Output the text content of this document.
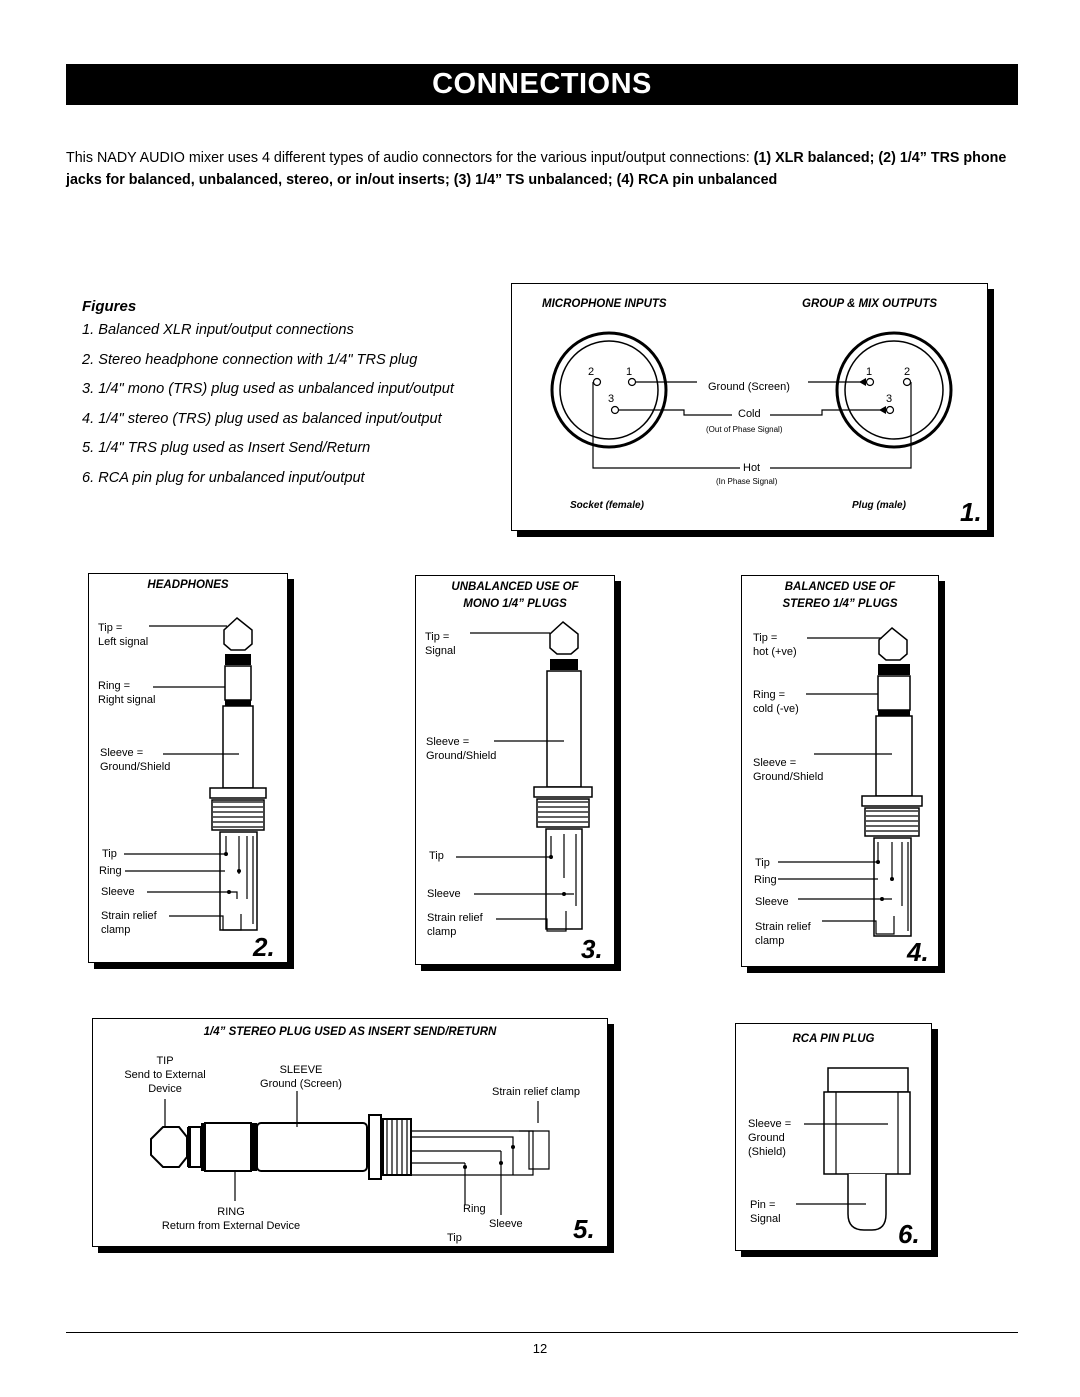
CONNECTIONS
This NADY AUDIO mixer uses 4 different types of audio connectors for the various input/output connections: (1) XLR balanced; (2) 1/4” TRS phone jacks for balanced, unbalanced, stereo, or in/out inserts; (3) 1/4” TS unbalanced; (4) RCA pin unbalanced
Figures
1. Balanced XLR input/output connections
2. Stereo headphone connection with 1/4" TRS plug
3. 1/4" mono (TRS) plug used as unbalanced input/output
4. 1/4" stereo (TRS) plug used as balanced input/output
5. 1/4" TRS plug used as Insert Send/Return
6. RCA pin plug for unbalanced input/output
MICROPHONE INPUTS	GROUP & MIX OUTPUTS
2	1
3
1	2
3
Ground (Screen)
Cold
(Out of Phase Signal)
Hot
(In Phase Signal)
Socket (female)	Plug (male) 1.
HEADPHONES
Tip =
Left signal
Ring =
Right signal
Sleeve =
Ground/Shield
Tip
Ring
Sleeve
Strain relief
clamp
2.
UNBALANCED USE OF
MONO 1/4” PLUGS
Tip =
Signal
Sleeve =
Ground/Shield
Tip
Sleeve
Strain relief
clamp
3.
BALANCED USE OF
STEREO 1/4” PLUGS
Tip =
hot (+ve)
Ring =
cold (-ve)
Sleeve =
Ground/Shield
Tip
Ring
Sleeve
Strain relief
clamp	4.
1/4” STEREO PLUG USED AS INSERT SEND/RETURN
TIP
Send to External
Device
SLEEVE
Ground (Screen)
Strain relief clamp
RING
Return from External Device
Ring
Sleeve
Tip	5.
RCA PIN PLUG
Sleeve =
Ground
(Shield)
Pin =
Signal	6.
12
